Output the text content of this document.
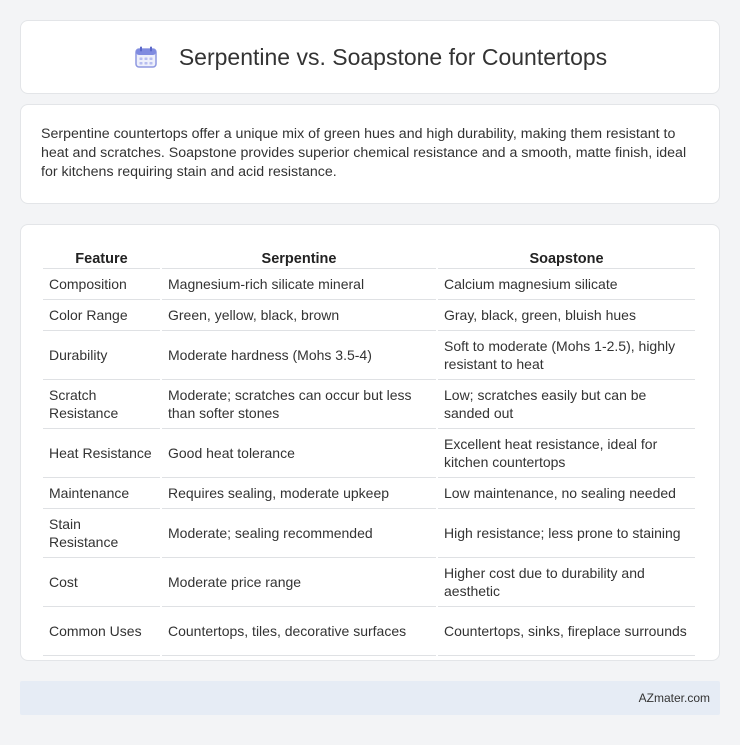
Serpentine vs. Soapstone for Countertops

Serpentine countertops offer a unique mix of green hues and high durability, making them resistant to heat and scratches. Soapstone provides superior chemical resistance and a smooth, matte finish, ideal for kitchens requiring stain and acid resistance.

Feature	Serpentine	Soapstone
Composition	Magnesium-rich silicate mineral	Calcium magnesium silicate
Color Range	Green, yellow, black, brown	Gray, black, green, bluish hues
Durability	Moderate hardness (Mohs 3.5-4)	Soft to moderate (Mohs 1-2.5), highly resistant to heat
Scratch Resistance	Moderate; scratches can occur but less than softer stones	Low; scratches easily but can be sanded out
Heat Resistance	Good heat tolerance	Excellent heat resistance, ideal for kitchen countertops
Maintenance	Requires sealing, moderate upkeep	Low maintenance, no sealing needed
Stain Resistance	Moderate; sealing recommended	High resistance; less prone to staining
Cost	Moderate price range	Higher cost due to durability and aesthetic
Common Uses	Countertops, tiles, decorative surfaces	Countertops, sinks, fireplace surrounds
AZmater.com
